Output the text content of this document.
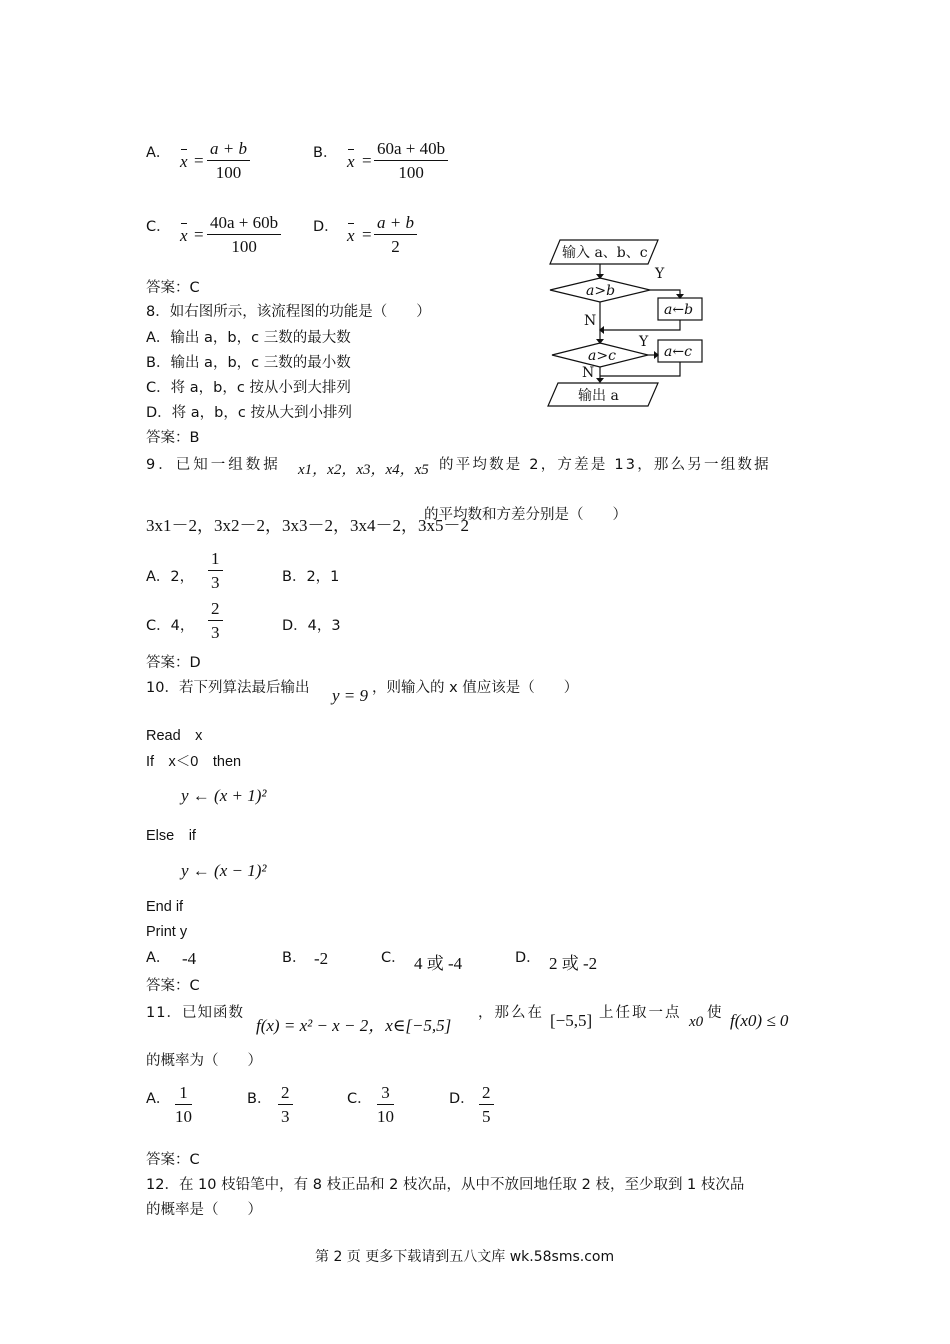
A． $x = \frac{a + b}{100}$	B． $x = \frac{60a + 40b}{100}$
C． $x = \frac{40a + 60b}{100}$ D． $x = \frac{a + b}{2}$
答案：C
8．如右图所示，该流程图的功能是（　　）
A．输出 a，b，c 三数的最大数
B．输出 a，b，c 三数的最小数
C．将 a，b，c 按从小到大排列
D．将 a，b，c 按从大到小排列
答案：B
输入 a、b、c
a>b
a>c
a←b
a←c
Y
Y
N
N
输出 a
9．已知一组数据 x1，x2，x3，x4，x5 的平均数是 2，方差是 13，那么另一组数据
3x1－2，3x2－2，3x3－2，3x4－2，3x5－2
的平均数和方差分别是（　　）
A．2， $\frac{1}{3}$	B．2，1
C．4， $\frac{2}{3}$	D．4，3
答案：D
10．若下列算法最后输出 y = 9 ，则输入的 x 值应该是（　　）
Read　x
If　x＜0　then
y ← (x + 1)²
Else　if
y ← (x − 1)²
End if
Print y
A． -4	B． -2	C． 4 或 -4	D． 2 或 -2
答案：C
11．已知函数
f(x) = x² − x − 2，x∈[−5,5]
，那么在 [−5,5] 上任取一点
x0
使 f(x0) ≤ 0
的概率为（　　）
A． $\frac{1}{10}$	B． $\frac{2}{3}$	C． $\frac{3}{10}$	D． $\frac{2}{5}$
答案：C
12．在 10 枝铅笔中，有 8 枝正品和 2 枝次品，从中不放回地任取 2 枝，至少取到 1 枝次品
的概率是（　　）
第 2 页 更多下载请到五八文库 wk.58sms.com
